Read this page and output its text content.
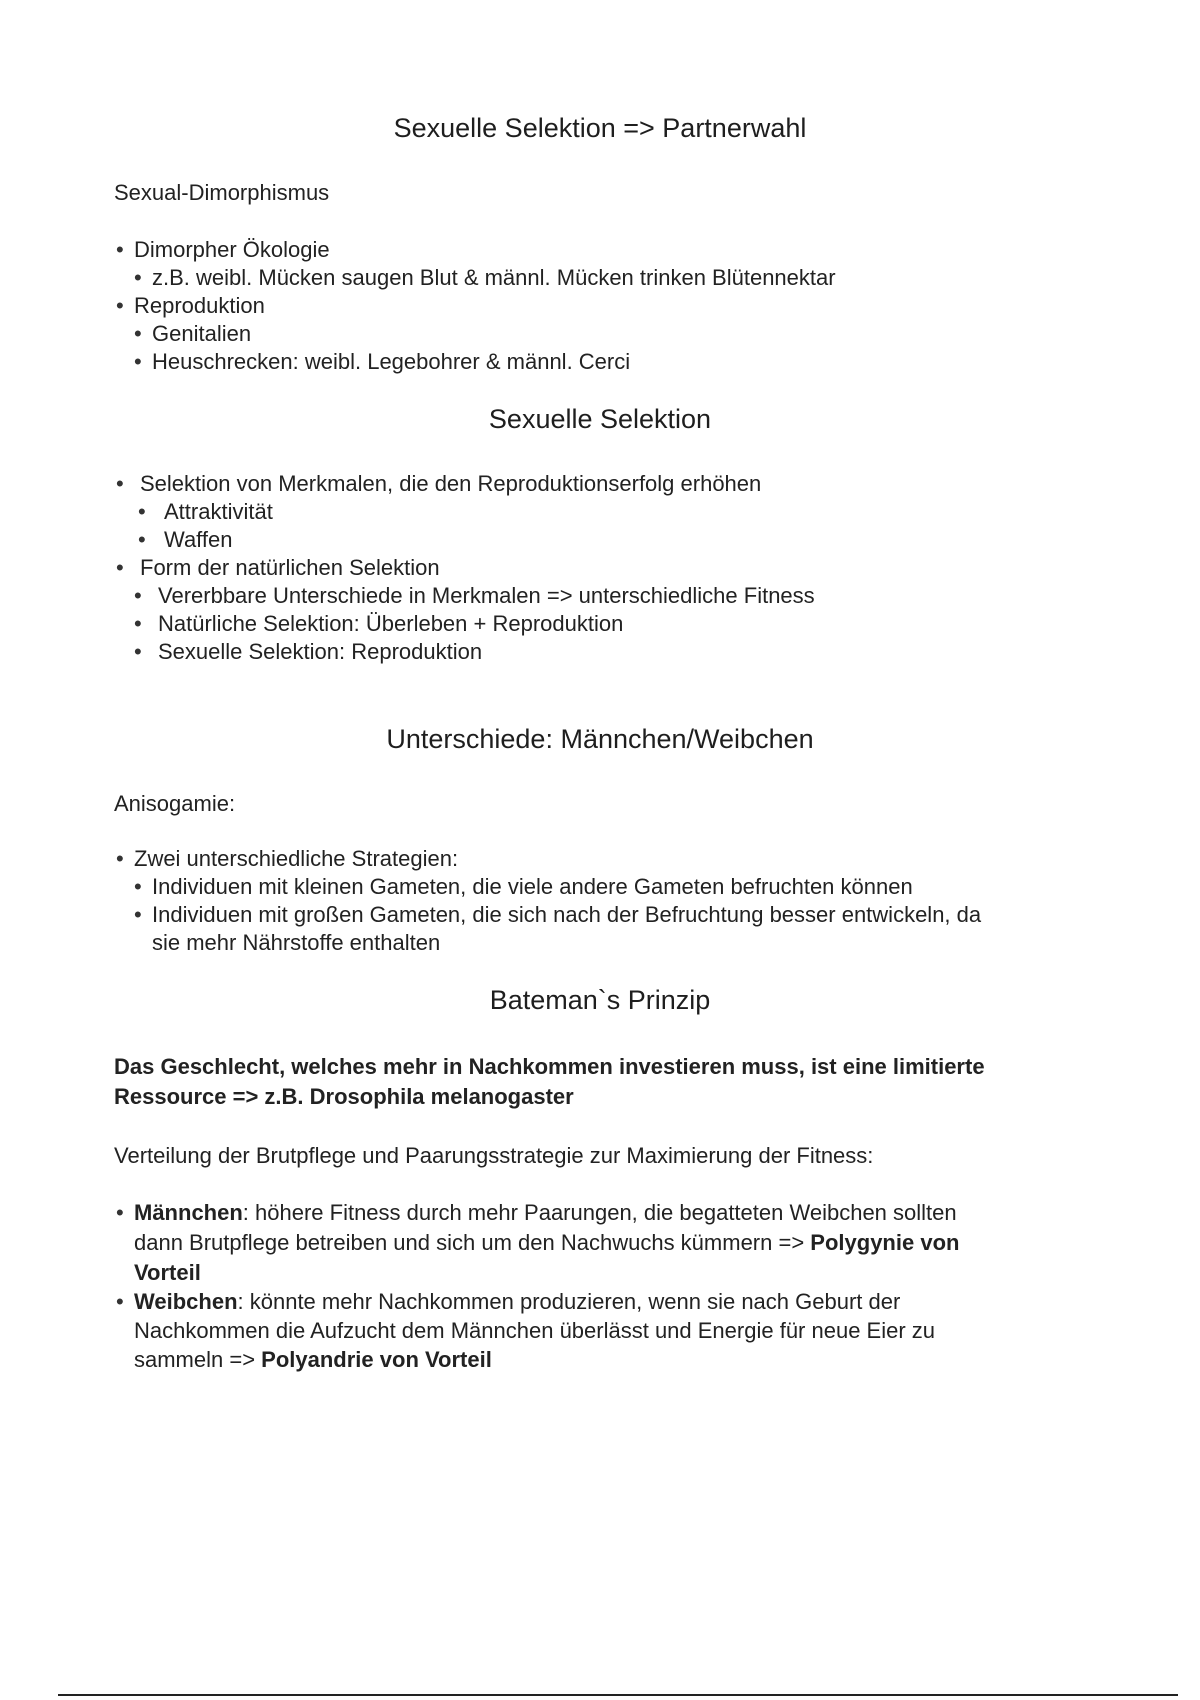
Sexuelle Selektion => Partnerwahl

Sexual-Dimorphismus

• Dimorpher Ökologie

• z.B. weibl. Mücken saugen Blut & männl. Mücken trinken Blütennektar

• Reproduktion

• Genitalien

• Heuschrecken: weibl. Legebohrer & männl. Cerci

Sexuelle Selektion
• Selektion von Merkmalen, die den Reproduktionserfolg erhöhen

• Attraktivität

• Waffen

• Form der natürlichen Selektion

• Vererbbare Unterschiede in Merkmalen => unterschiedliche Fitness

• Natürliche Selektion: Überleben + Reproduktion

• Sexuelle Selektion: Reproduktion

Unterschiede: Männchen/Weibchen

Anisogamie:

• Zwei unterschiedliche Strategien:

• Individuen mit kleinen Gameten, die viele andere Gameten befruchten können

• Individuen mit großen Gameten, die sich nach der Befruchtung besser entwickeln, da

sie mehr Nährstoffe enthalten

Bateman`s Prinzip

Das Geschlecht, welches mehr in Nachkommen investieren muss, ist eine limitierte

Ressource => z.B. Drosophila melanogaster

Verteilung der Brutpflege und Paarungsstrategie zur Maximierung der Fitness:

• Männchen: höhere Fitness durch mehr Paarungen, die begatteten Weibchen sollten

dann Brutpflege betreiben und sich um den Nachwuchs kümmern => Polygynie von

Vorteil

• Weibchen: könnte mehr Nachkommen produzieren, wenn sie nach Geburt der

Nachkommen die Aufzucht dem Männchen überlässt und Energie für neue Eier zu

sammeln => Polyandrie von Vorteil
